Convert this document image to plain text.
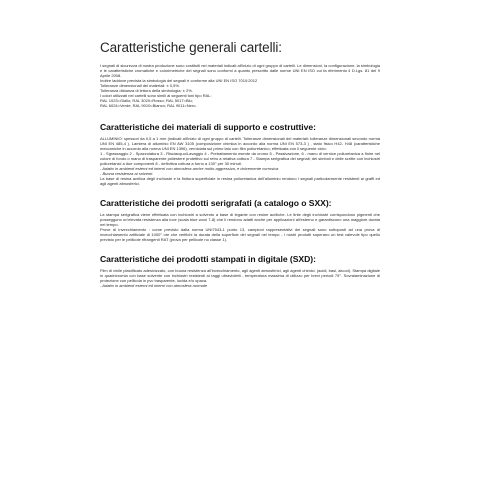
Caratteristiche generali cartelli:

I segnali di sicurezza di nostra produzione sono costituiti nei materiali indicati all'inizio di ogni gruppo di cartelli. Le dimensioni, la configurazione, la simbologia e le caratteristiche cromatiche e colorimetriche dei segnali sono conformi a quanto prescritto dalle norme UNI EN ISO cui fa riferimento il D.Lgs. 81 del 9 Aprile 2008.

Inoltre laddove prevista la simbologia dei segnali è conforme alla UNI EN ISO 7010:2012

Tolleranze dimensionali dei materiali: ± 0,5%.

Tolleranza distanza di lettura della simbologia: ± 2%.

I colori utilizzati nei cartelli sono simili ai seguenti toni tipo RAL:

RAL 1023=Giallo; RAL 3020=Rosso; RAL 5017=Blu;

RAL 6024=Verde; RAL 9010=Bianco; RAL 9011=Nero.

Caratteristiche dei materiali di supporto e costruttive:

ALLUMINIO: spessori da 0,5 a 1 mm (indicati all'inizio di ogni gruppo di cartelli. Tolleranze dimensionali dei materiali: tolleranze dimensionali secondo norma UNI EN 485-4 ). Lamiera di alluminio EN AW 3105 (composizione chimica in accordo alla norma UNI EN 573-3 ) , stato fisico H42- H48 (caratteristiche meccaniche in accordo alla norma UNI EN 1396), verniciata sul primo lato con film poliuretanico; effettuata con il seguente ciclo:

1 - Sgrassaggio 2 - Spazzolatura 3 - Risciacquo/Lavaggio 4 - Pretrattamento esente da cromo 5 - Passivazione, 6 - mano di vernice poliuretanica a finire nel colore di fondo o mano di trasparente poliestere protettivo sul retro a relativa cottura 7 - Stampa serigrafica dei segnali; dei simboli e delle scritte con inchiostri poliuretanici a due componenti 8 - definitiva cottura a forno a 130° per 30 minuti.

- Adatto in ambienti esterni ed interni con atmosfera anche molto aggressiva, e dolcemente corrosiva

- Buona resistenza ai solventi.

La base di resina acrilica degli inchiostri e la finitura superficiale in resina poliuretanica dell'alluminio rendono i segnali particolarmente resistenti ai graffi ed agli agenti atmosferici.

Caratteristiche dei prodotti serigrafati (a catalogo o SXX):

La stampa serigrafica viene effettuata con inchiostri a solvento a base di legante con resine acriliche. Le tinte degli inchiostri corrispondono pigmenti che posseggono un'elevata resistenza alla luce (scala blue wool 7-8) che li rendono adatti anche per applicazioni all'esterno e garantiscono una maggiore durata nel tempo.

Prove di invecchiamento : come previsto dalla norma UNI7543-1 punto 13, campioni rappresentativi dei segnali sono sottoposti ad una prova di invecchiamento artificiale di 1000° ore che verifichi la durata della superficie dei segnali nel tempo - i nostri prodotti superano un test valevole tipo quello previsto per le pellicole rifrangenti RAT (prova per pellicole no classe 1).

Caratteristiche dei prodotti stampati in digitale (SXD):

Film di vinile plastificato adesivizzato, con buona resistenza all'invecchiamento, agli agenti atmosferici, agli agenti chimici. (acidi, basi, alcool). Stampa digitale in quadricromia con base solvente con inchiostri resistenti ai raggi ultravioletti - temperatura massima di utilizzo per brevi periodi 75°. Sovralaminazione di protezione con pellicola in pvc trasparente, lucida e/o opaca.

- Adatto in ambienti esterni ed interni con atmosfera normale
